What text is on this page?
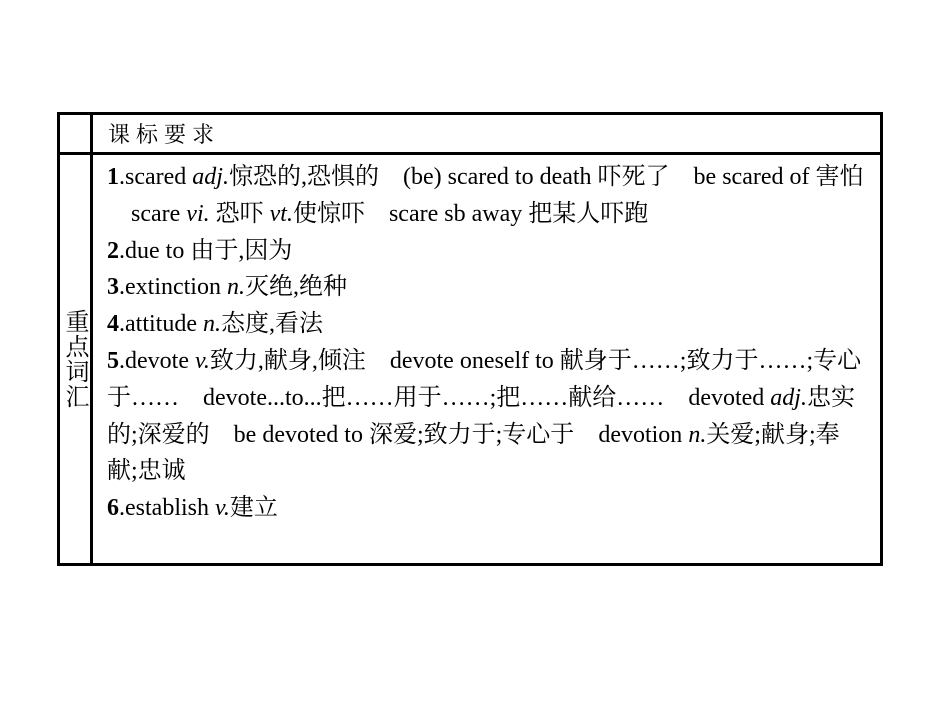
课标要求
重点词汇

1.scared adj.惊恐的,恐惧的 (be) scared to death 吓死了 be scared of 害怕scare vi. 恐吓 vt.使惊吓 scare sb away 把某人吓跑

2.due to 由于,因为

3.extinction n.灭绝,绝种

4.attitude n.态度,看法

5.devote v.致力,献身,倾注 devote oneself to 献身于……;致力于……;专心于…… devote...to...把……用于……;把……献给…… devoted adj.忠实的;深爱的 be devoted to 深爱;致力于;专心于 devotion n.关爱;献身;奉献;忠诚

6.establish v.建立
